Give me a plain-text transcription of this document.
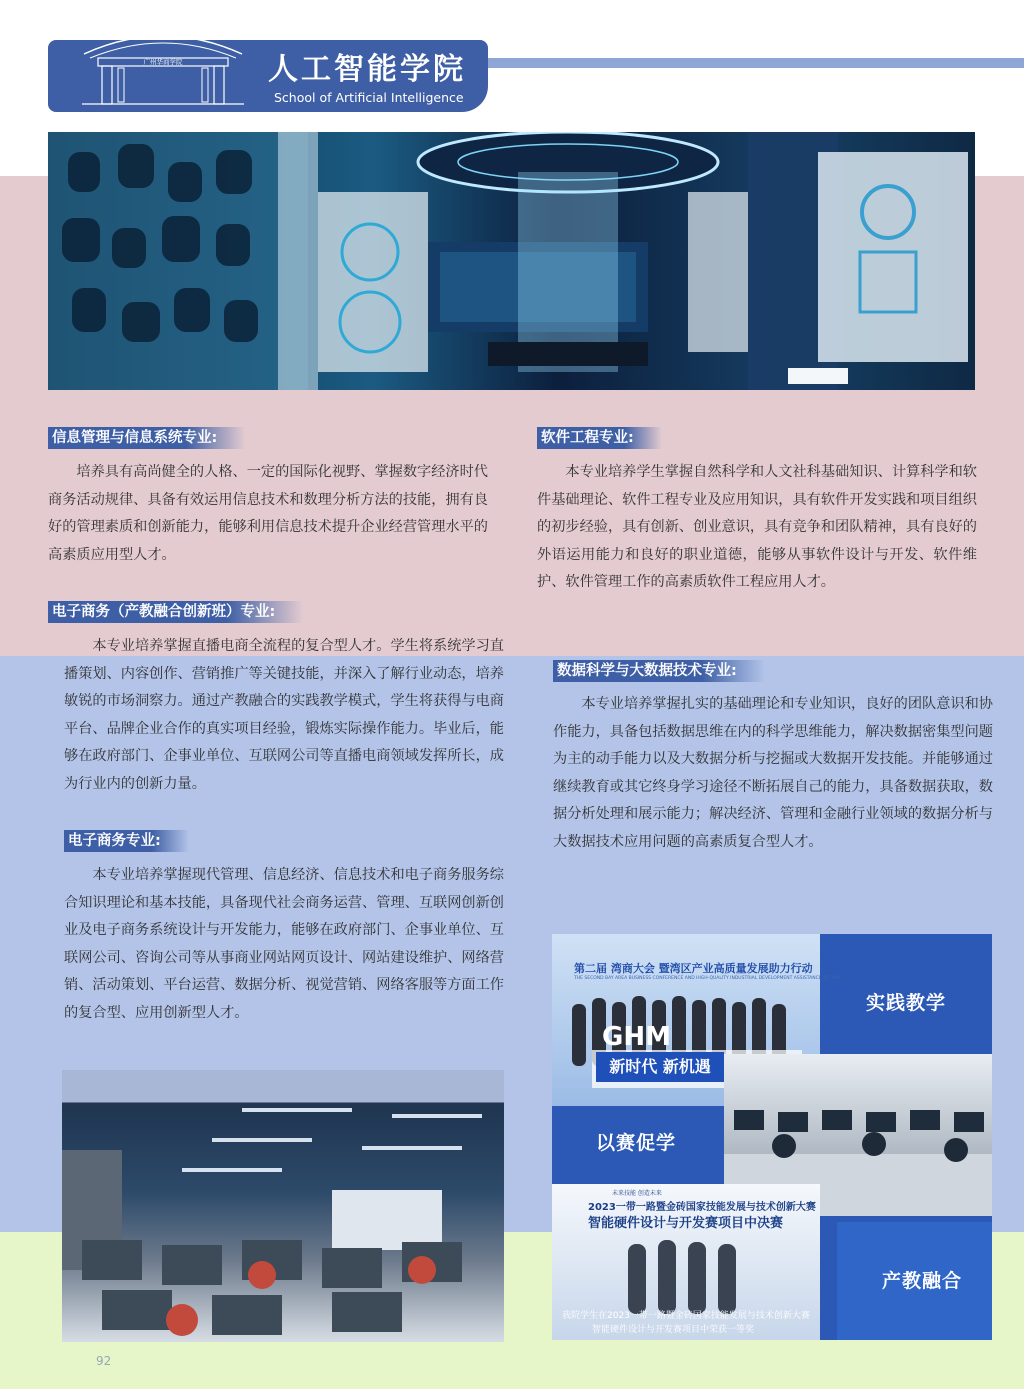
广州华商学院	人工智能学院
School of Artificial Intelligence
信息管理与信息系统专业:

培养具有高尚健全的人格、一定的国际化视野、掌握数字经济时代商务活动规律、具备有效运用信息技术和数理分析方法的技能，拥有良好的管理素质和创新能力，能够利用信息技术提升企业经营管理水平的高素质应用型人才。

软件工程专业:

本专业培养学生掌握自然科学和人文社科基础知识、计算科学和软件基础理论、软件工程专业及应用知识，具有软件开发实践和项目组织的初步经验，具有创新、创业意识，具有竞争和团队精神，具有良好的外语运用能力和良好的职业道德，能够从事软件设计与开发、软件维护、软件管理工作的高素质软件工程应用人才。

电子商务（产教融合创新班）专业:

本专业培养掌握直播电商全流程的复合型人才。学生将系统学习直播策划、内容创作、营销推广等关键技能，并深入了解行业动态，培养敏锐的市场洞察力。通过产教融合的实践教学模式，学生将获得与电商平台、品牌企业合作的真实项目经验，锻炼实际操作能力。毕业后，能够在政府部门、企事业单位、互联网公司等直播电商领域发挥所长，成为行业内的创新力量。

数据科学与大数据技术专业:

本专业培养掌握扎实的基础理论和专业知识，良好的团队意识和协作能力，具备包括数据思维在内的科学思维能力，解决数据密集型问题为主的动手能力以及大数据分析与挖掘或大数据开发技能。并能够通过继续教育或其它终身学习途径不断拓展自己的能力，具备数据获取，数据分析处理和展示能力；解决经济、管理和金融行业领域的数据分析与大数据技术应用问题的高素质复合型人才。

电子商务专业:

本专业培养掌握现代管理、信息经济、信息技术和电子商务服务综合知识理论和基本技能，具备现代社会商务运营、管理、互联网创新创业及电子商务系统设计与开发能力，能够在政府部门、企事业单位、互联网公司、咨询公司等从事商业网站网页设计、网站建设维护、网络营销、活动策划、平台运营、数据分析、视觉营销、网络客服等方面工作的复合型、应用创新型人才。

第二届 湾商大会 暨湾区产业高质量发展助力行动
THE SECOND BAY AREA BUSINESS CONFERENCE AND HIGH-QUALITY INDUSTRIAL DEVELOPMENT ASSISTANCE ACTION
GHM
新时代 新机遇
实践教学
以赛促学
未来技能 创造未来
2023一带一路暨金砖国家技能发展与技术创新大赛
智能硬件设计与开发赛项目中决赛
产教融合
我院学生在2023一带一路暨金砖国家技能发展与技术创新大赛
智能硬件设计与开发赛项目中荣获一等奖
92
